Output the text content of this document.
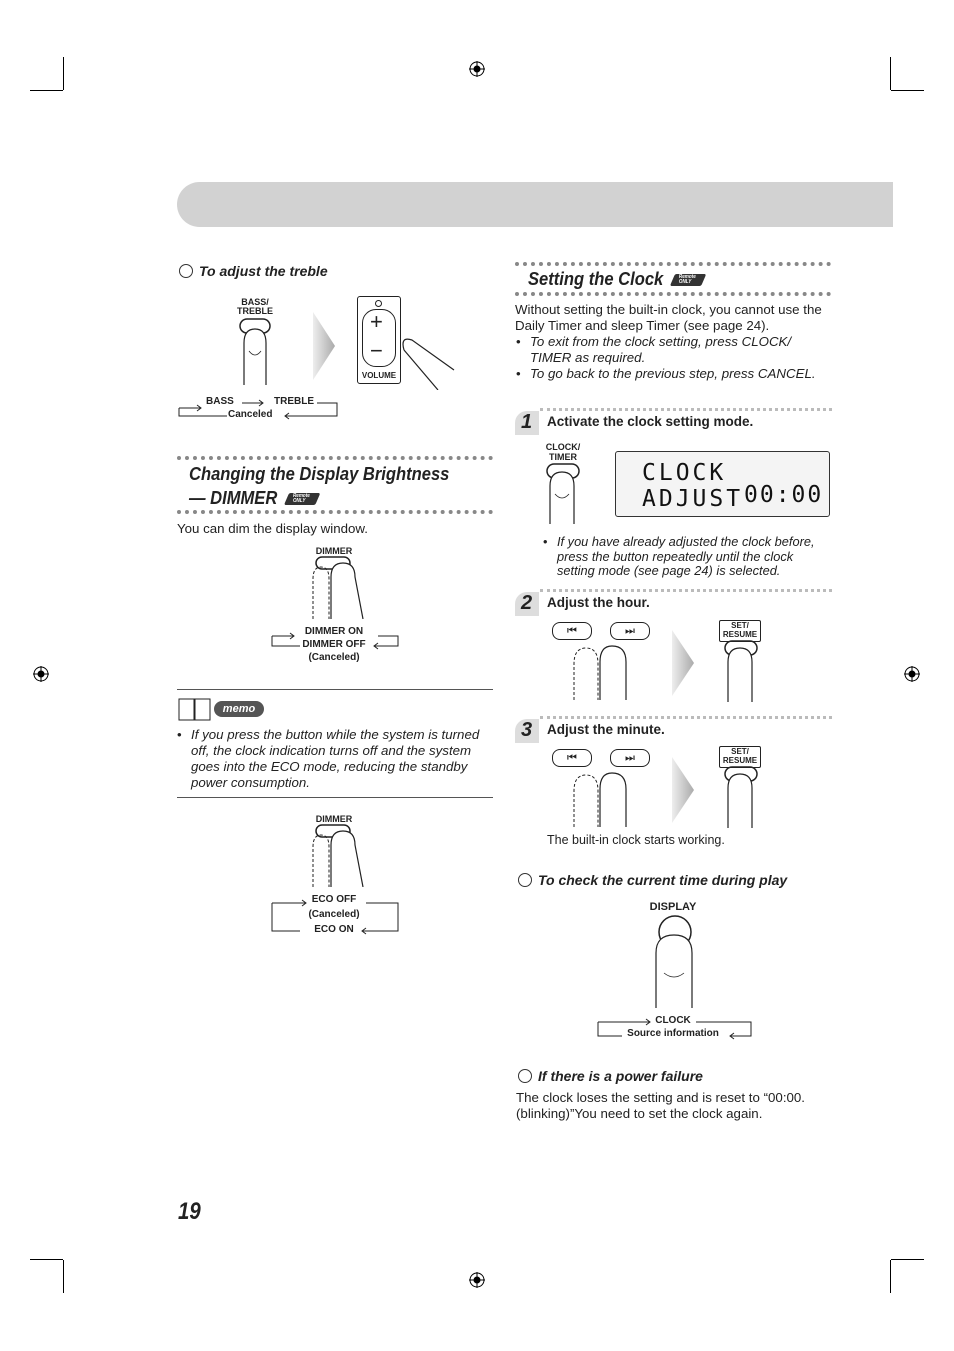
To adjust the treble
BASS/
TREBLE	+
−
VOLUME
BASS	TREBLE
Canceled
Changing the Display Brightness
— DIMMER	Remote ONLY
You can dim the display window.
DIMMER
DIMMER ON
DIMMER OFF
(Canceled)
memo
• If you press the button while the system is turned off, the clock indication turns off and the system goes into the ECO mode, reducing the standby power consumption.
DIMMER
ECO OFF
(Canceled)
ECO ON
Setting the Clock	Remote ONLY
Without setting the built-in clock, you cannot use the Daily Timer and sleep Timer (see page 24).
• To exit from the clock setting, press CLOCK/ TIMER as required.
• To go back to the previous step, press CANCEL.
1 Activate the clock setting mode.
CLOCK/
TIMER
CLOCK ADJUST 00:00
• If you have already adjusted the clock before, press the button repeatedly until the clock setting mode (see page 24) is selected.
2 Adjust the hour.
⏮	⏭	SET/
RESUME
3 Adjust the minute.
⏮	⏭
SET/
RESUME
The built-in clock starts working.
To check the current time during play
DISPLAY
CLOCK
Source information
If there is a power failure
The clock loses the setting and is reset to “00:00. (blinking)”You need to set the clock again.
19
